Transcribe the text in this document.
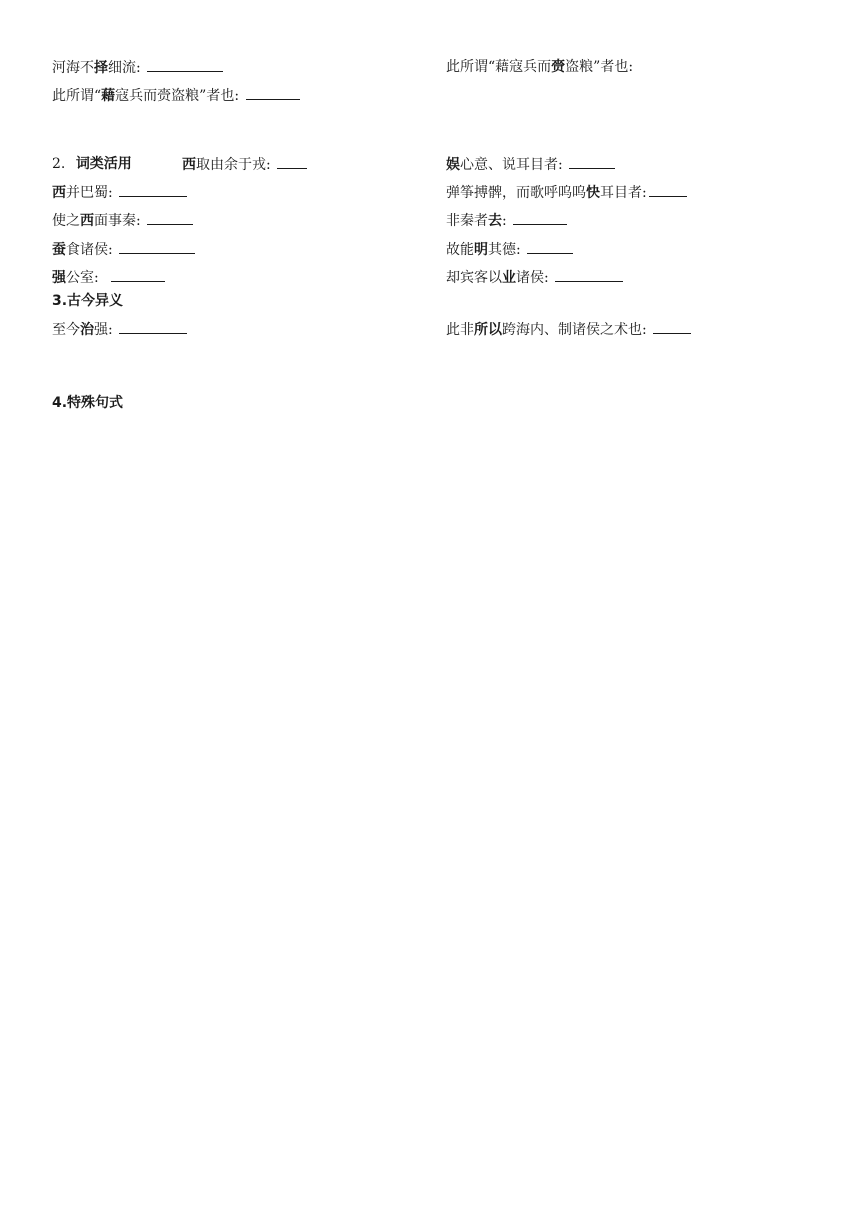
河海不择细流:	此所谓“藉寇兵而赍盗粮”者也:
此所谓“藉寇兵而赍盗粮”者也:
2. 词类活用	西取由余于戎:	娱心意、说耳目者:
西并巴蜀:	弹筝搏髀，而歌呼呜呜快耳目者:
使之西面事秦:	非秦者去:
蚕食诸侯:	故能明其德:
强公室:	却宾客以业诸侯:
3.古今异义
至今治强:	此非所以跨海内、制诸侯之术也:
4.特殊句式
